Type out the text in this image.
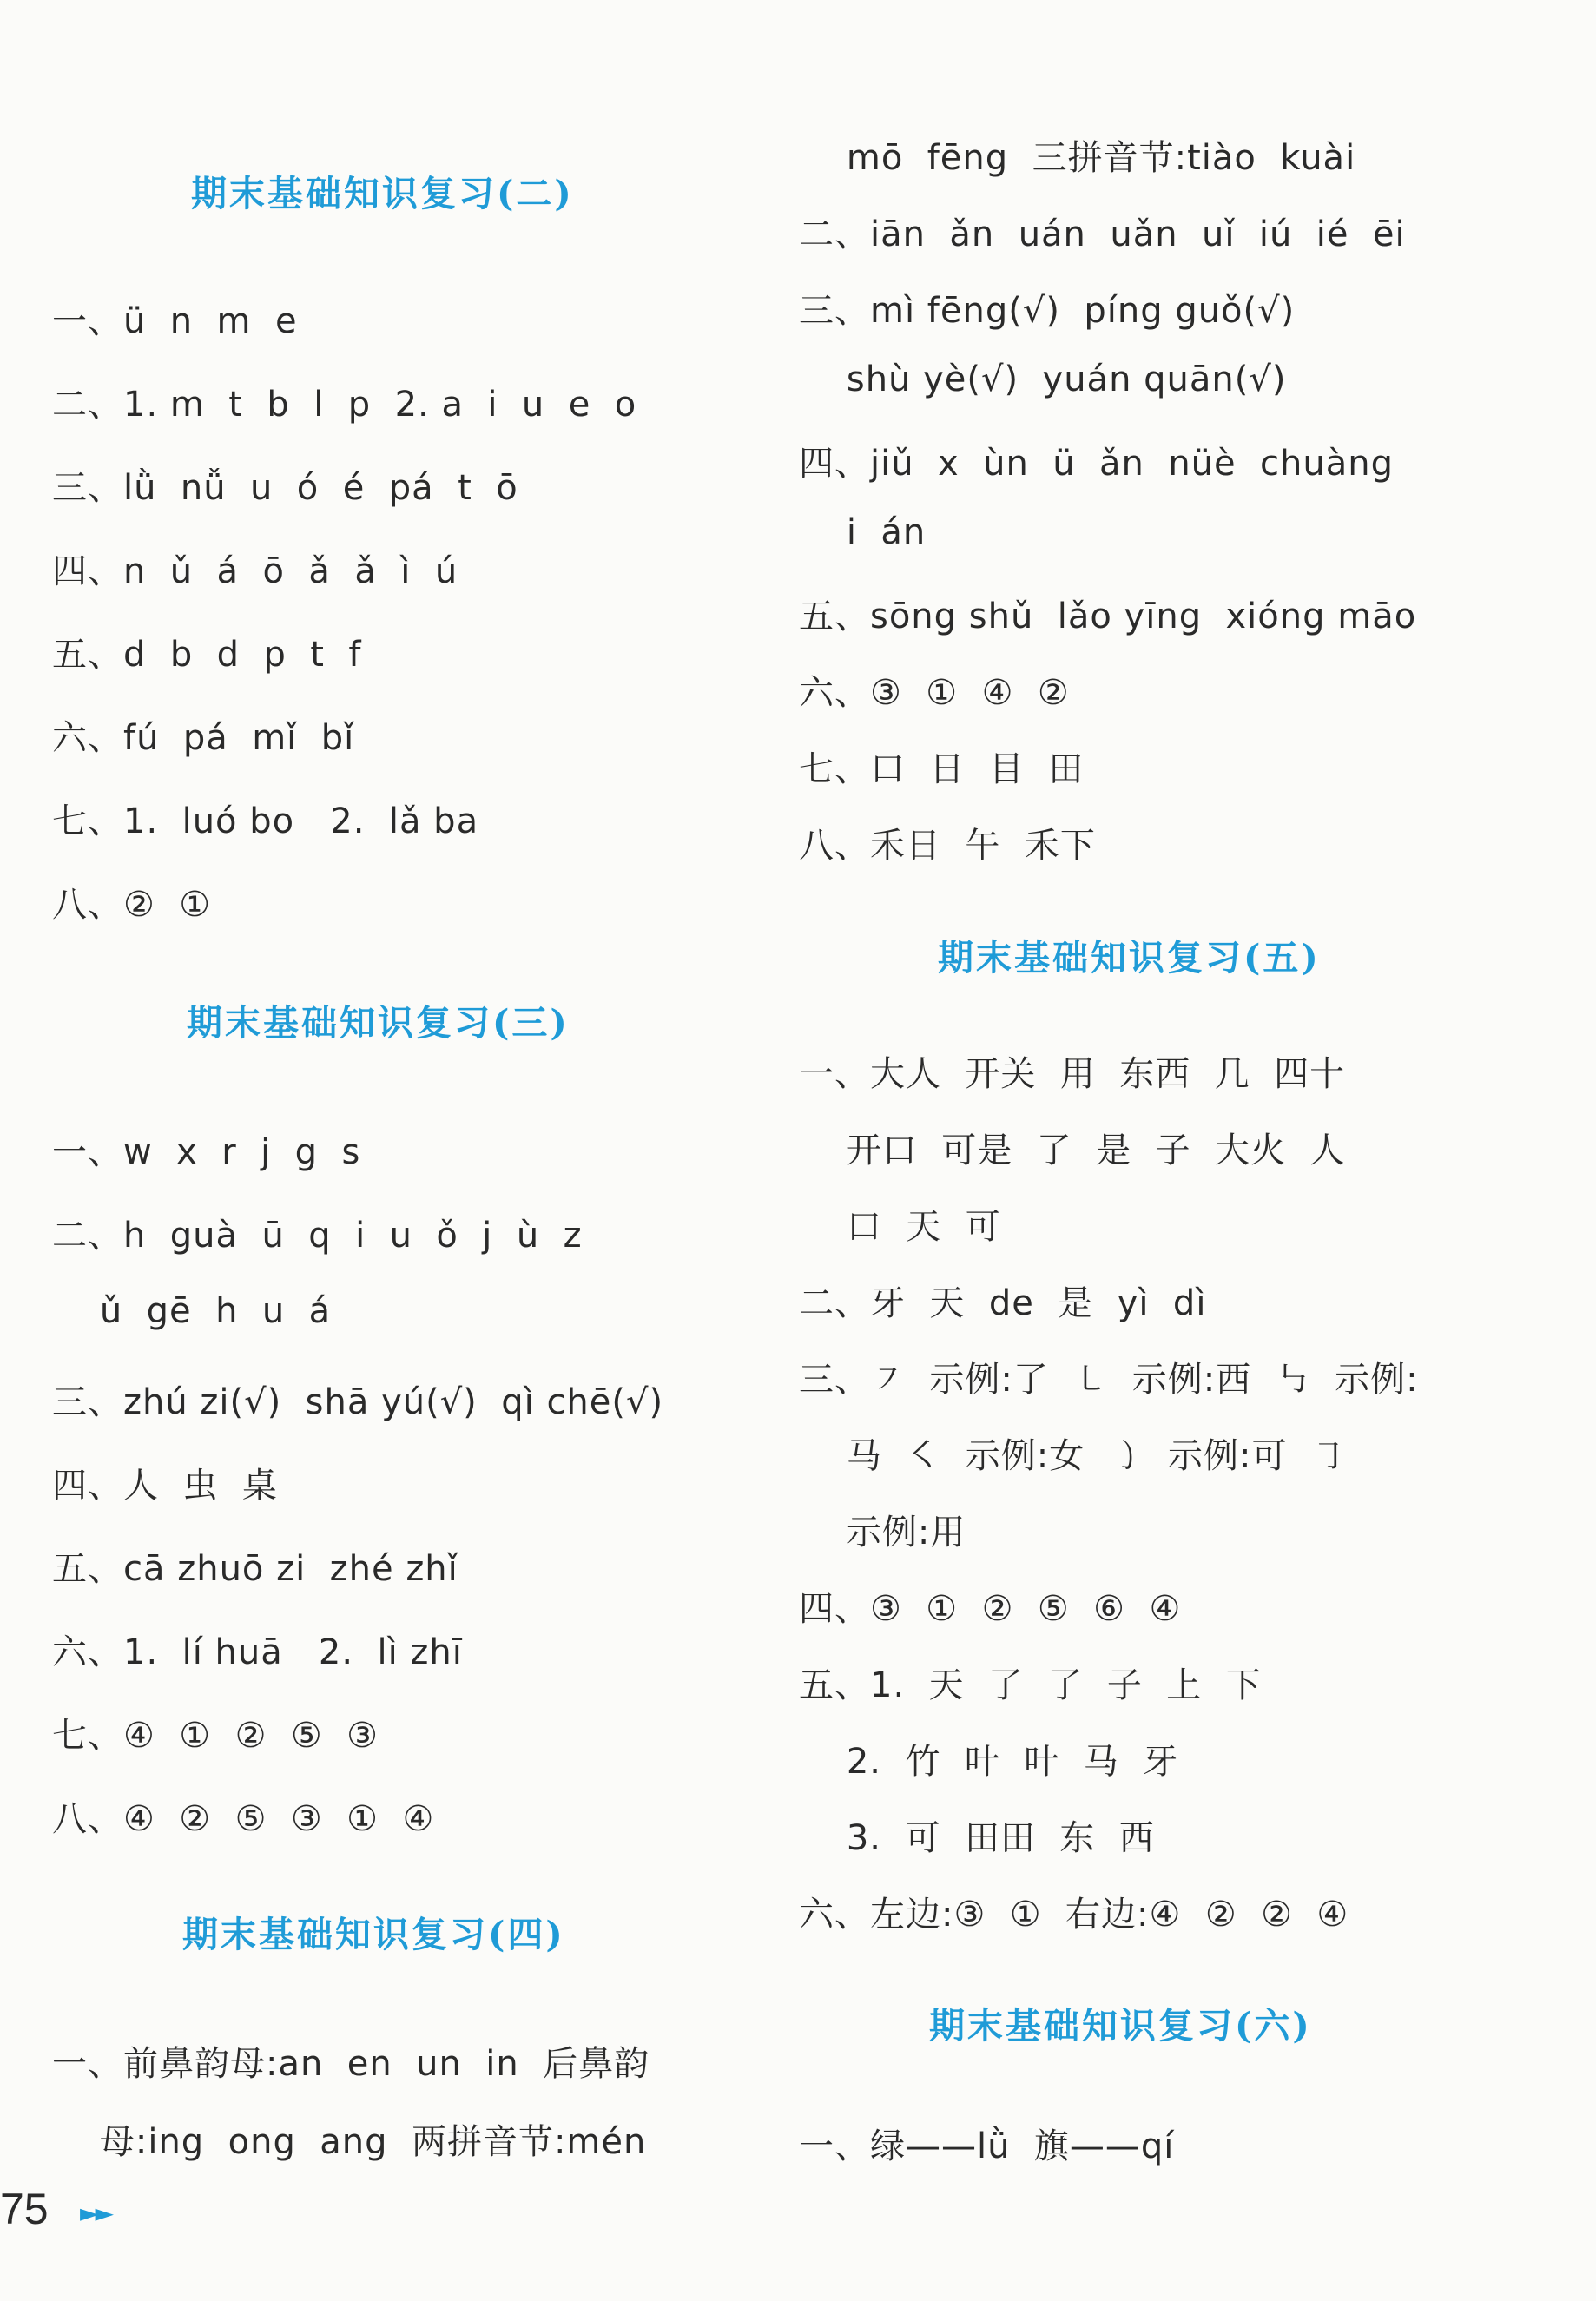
期末基础知识复习(二)
一、ü  n  m  e
二、1. m  t  b  l  p  2. a  i  u  e  o
三、lǜ  nǚ  u  ó  é  pá  t  ō
四、n  ǔ  á  ō  ǎ  ǎ  ì  ú
五、d  b  d  p  t  f
六、fú  pá  mǐ  bǐ
七、1.  luó bo   2.  lǎ ba
八、②  ①
期末基础知识复习(三)
一、w  x  r  j  g  s
二、h  guà  ū  q  i  u  ǒ  j  ù  z
ǔ  gē  h  u  á
三、zhú zi(√)  shā yú(√)  qì chē(√)
四、人  虫  桌
五、cā zhuō zi  zhé zhǐ
六、1.  lí huā   2.  lì zhī
七、④  ①  ②  ⑤  ③
八、④  ②  ⑤  ③  ①  ④
期末基础知识复习(四)
一、前鼻韵母:an  en  un  in  后鼻韵
母:ing  ong  ang  两拼音节:mén
mō  fēng  三拼音节:tiào  kuài
二、iān  ǎn  uán  uǎn  uǐ  iú  ié  ēi
三、mì fēng(√)  píng guǒ(√)
shù yè(√)  yuán quān(√)
四、jiǔ  x  ùn  ü  ǎn  nüè  chuàng
i  án
五、sōng shǔ  lǎo yīng  xióng māo
六、③  ①  ④  ②
七、口  日  目  田
八、禾日  午  禾下
期末基础知识复习(五)
一、大人  开关  用  东西  几  四十
开口  可是  了  是  子  大火  人
口  天  可
二、牙  天  de  是  yì  dì
三、㇇  示例:了  ㇄  示例:西  ㇉  示例:
马  ㇛  示例:女  ㇁  示例:可  ㇆
示例:用
四、③  ①  ②  ⑤  ⑥  ④
五、1.  天  了  了  子  上  下
2.  竹  叶  叶  马  牙
3.  可  田田  东  西
六、左边:③  ①  右边:④  ②  ②  ④
期末基础知识复习(六)
一、绿——lǜ  旗——qí
75 ►►
